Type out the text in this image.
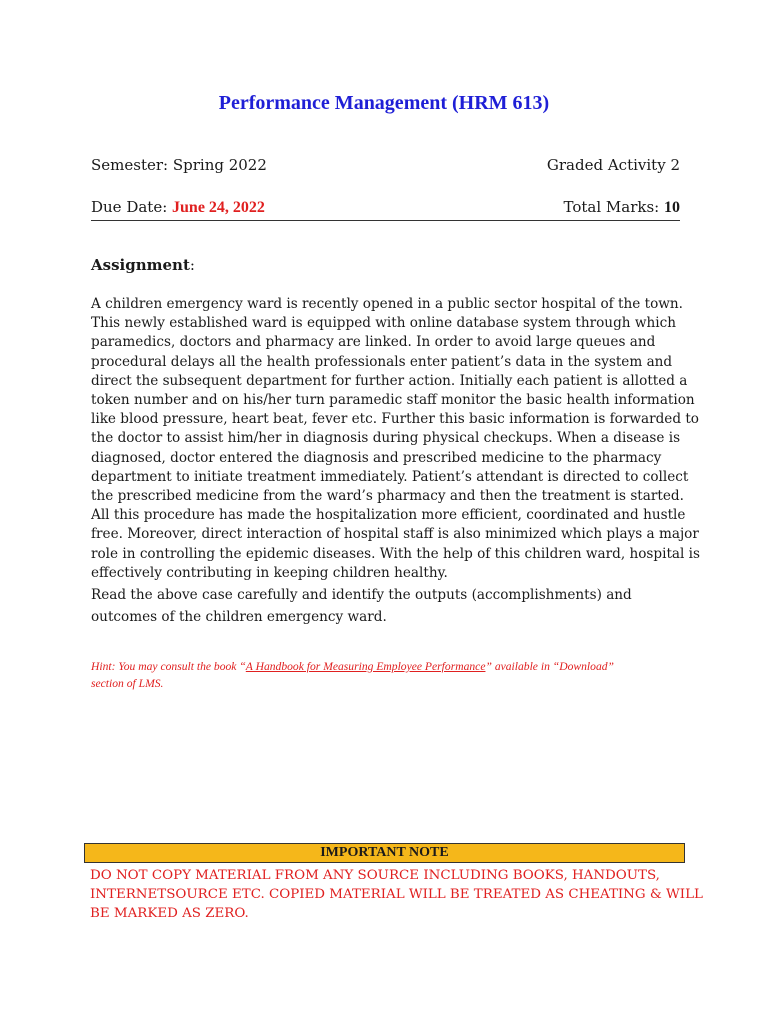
Performance Management (HRM 613)
Semester: Spring 2022	Graded Activity 2
Due Date: June 24, 2022	Total Marks: 10
Assignment:
A children emergency ward is recently opened in a public sector hospital of the town.
This newly established ward is equipped with online database system through which
paramedics, doctors and pharmacy are linked. In order to avoid large queues and
procedural delays all the health professionals enter patient’s data in the system and
direct the subsequent department for further action. Initially each patient is allotted a
token number and on his/her turn paramedic staff monitor the basic health information
like blood pressure, heart beat, fever etc. Further this basic information is forwarded to
the doctor to assist him/her in diagnosis during physical checkups. When a disease is
diagnosed, doctor entered the diagnosis and prescribed medicine to the pharmacy
department to initiate treatment immediately. Patient’s attendant is directed to collect
the prescribed medicine from the ward’s pharmacy and then the treatment is started.
All this procedure has made the hospitalization more efficient, coordinated and hustle
free. Moreover, direct interaction of hospital staff is also minimized which plays a major
role in controlling the epidemic diseases. With the help of this children ward, hospital is
effectively contributing in keeping children healthy.
Read the above case carefully and identify the outputs (accomplishments) and
outcomes of the children emergency ward.
Hint: You may consult the book “A Handbook for Measuring Employee Performance” available in “Download”
section of LMS.
IMPORTANT NOTE
DO NOT COPY MATERIAL FROM ANY SOURCE INCLUDING BOOKS, HANDOUTS,
INTERNETSOURCE ETC. COPIED MATERIAL WILL BE TREATED AS CHEATING & WILL
BE MARKED AS ZERO.
